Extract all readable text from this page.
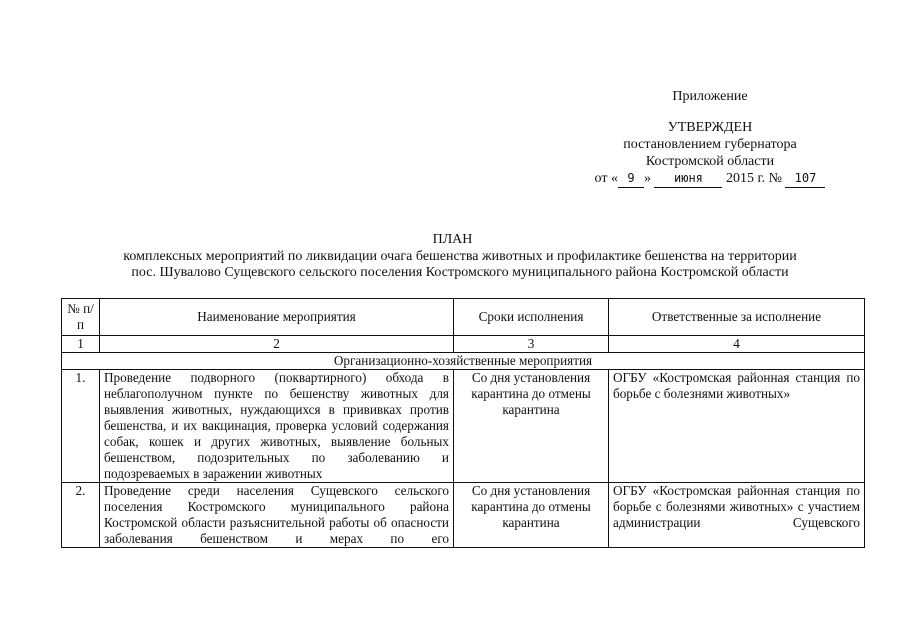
Приложение
УТВЕРЖДЕН
постановлением губернатора
Костромской области
от « 9 » июня 2015 г. № 107
ПЛАН
комплексных мероприятий по ликвидации очага бешенства животных и профилактике бешенства на территории
пос. Шувалово Сущевского сельского поселения Костромского муниципального района Костромской области
№ п/п	Наименование мероприятия	Сроки исполнения	Ответственные за исполнение
1	2	3	4
Организационно-хозяйственные мероприятия			
1.	Проведение подворного (поквартирного) обхода в неблагополучном пункте по бешенству животных для выявления животных, нуждающихся в прививках против бешенства, и их вакцинация, проверка условий содержания собак, кошек и других животных, выявление больных бешенством, подозрительных по заболеванию и подозреваемых в заражении животных	Со дня установления карантина до отмены карантина	ОГБУ «Костромская районная станция по борьбе с болезнями животных»
2.	Проведение среди населения Сущевского сельского поселения Костромского муниципального района Костромской области разъяснительной работы об опасности заболевания бешенством и мерах по его	Со дня установления карантина до отмены карантина	ОГБУ «Костромская районная станция по борьбе с болезнями животных» с участием администрации Сущевского
